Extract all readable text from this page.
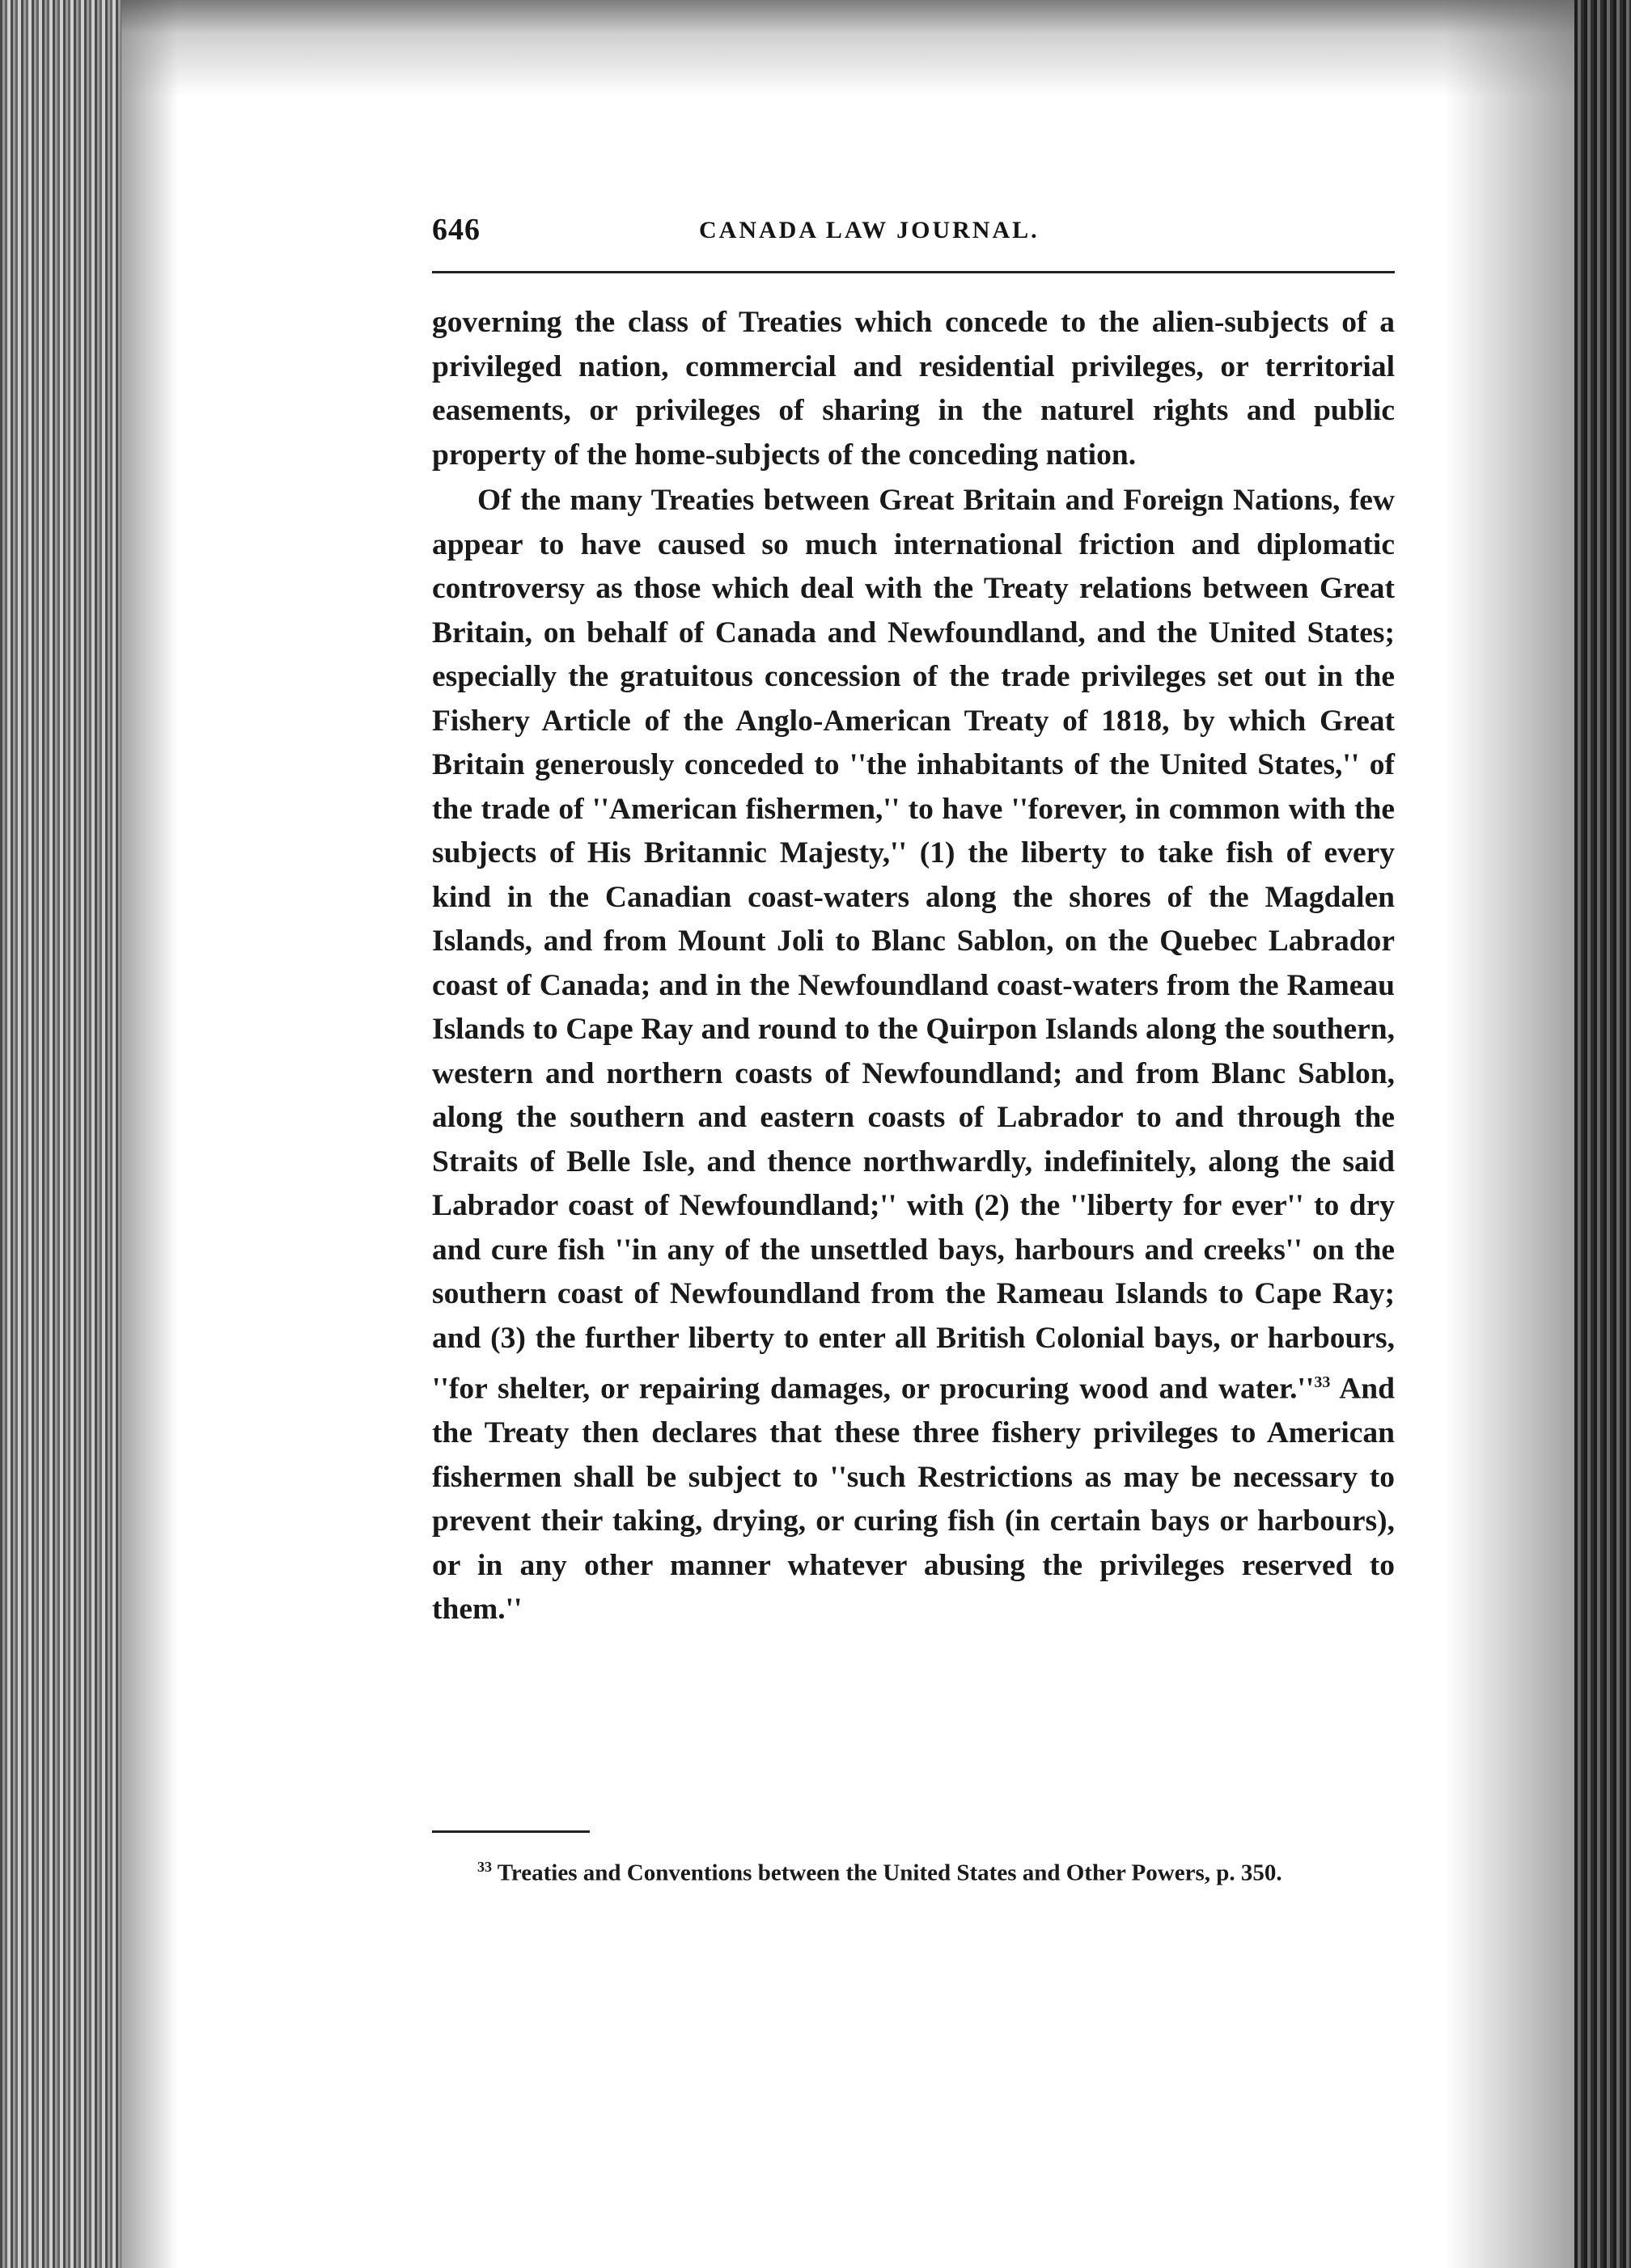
646	CANADA LAW JOURNAL.

governing the class of Treaties which concede to the alien-subjects of a privileged nation, commercial and residential privileges, or territorial easements, or privileges of sharing in the naturel rights and public property of the home-subjects of the conceding nation.

Of the many Treaties between Great Britain and Foreign Nations, few appear to have caused so much international friction and diplomatic controversy as those which deal with the Treaty relations between Great Britain, on behalf of Canada and Newfoundland, and the United States; especially the gratuitous concession of the trade privileges set out in the Fishery Article of the Anglo-American Treaty of 1818, by which Great Britain generously conceded to ''the inhabitants of the United States,'' of the trade of ''American fishermen,'' to have ''forever, in common with the subjects of His Britannic Majesty,'' (1) the liberty to take fish of every kind in the Canadian coast-waters along the shores of the Magdalen Islands, and from Mount Joli to Blanc Sablon, on the Quebec Labrador coast of Canada; and in the Newfoundland coast-waters from the Rameau Islands to Cape Ray and round to the Quirpon Islands along the southern, western and northern coasts of Newfoundland; and from Blanc Sablon, along the southern and eastern coasts of Labrador to and through the Straits of Belle Isle, and thence northwardly, indefinitely, along the said Labrador coast of Newfoundland;'' with (2) the ''liberty for ever'' to dry and cure fish ''in any of the unsettled bays, harbours and creeks'' on the southern coast of Newfoundland from the Rameau Islands to Cape Ray; and (3) the further liberty to enter all British Colonial bays, or harbours, ''for shelter, or repairing damages, or procuring wood and $water.''^{33}$ And the Treaty then declares that these three fishery privileges to American fishermen shall be subject to ''such Restrictions as may be necessary to prevent their taking, drying, or curing fish (in certain bays or harbours), or in any other manner whatever abusing the privileges reserved to them.''

$^{33}$ Treaties and Conventions between the United States and Other Powers, p. 350.
